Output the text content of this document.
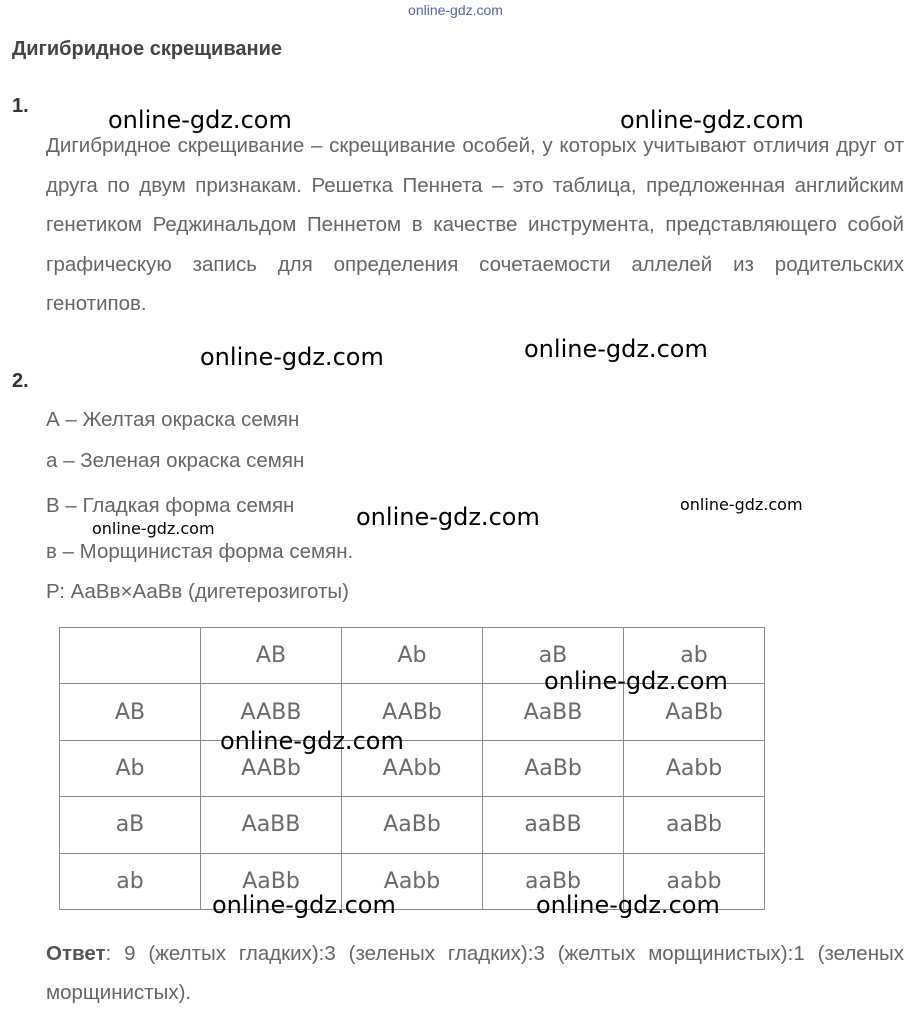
online-gdz.com
Дигибридное скрещивание
1.
Дигибридное скрещивание – скрещивание особей, у которых учитывают отличия друг от друга по двум признакам. Решетка Пеннета – это таблица, предложенная английским генетиком Реджинальдом Пеннетом в качестве инструмента, представляющего собой графическую запись для определения сочетаемости аллелей из родительских генотипов.
2.
А – Желтая окраска семян
а – Зеленая окраска семян
В – Гладкая форма семян
в – Морщинистая форма семян.
Р: АаВв×АаВв (дигетерозиготы)
	AB	Ab	aB	ab
AB	AABB	AABb	AaBB	AaBb
Ab	AABb	AAbb	AaBb	Aabb
aB	AaBB	AaBb	aaBB	aaBb
ab	AaBb	Aabb	aaBb	aabb
Ответ: 9 (желтых гладких):3 (зеленых гладких):3 (желтых морщинистых):1 (зеленых морщинистых).
online-gdz.com	online-gdz.com
online-gdz.com	online-gdz.com
online-gdz.com
online-gdz.com
online-gdz.com
online-gdz.com
online-gdz.com
online-gdz.com	online-gdz.com
